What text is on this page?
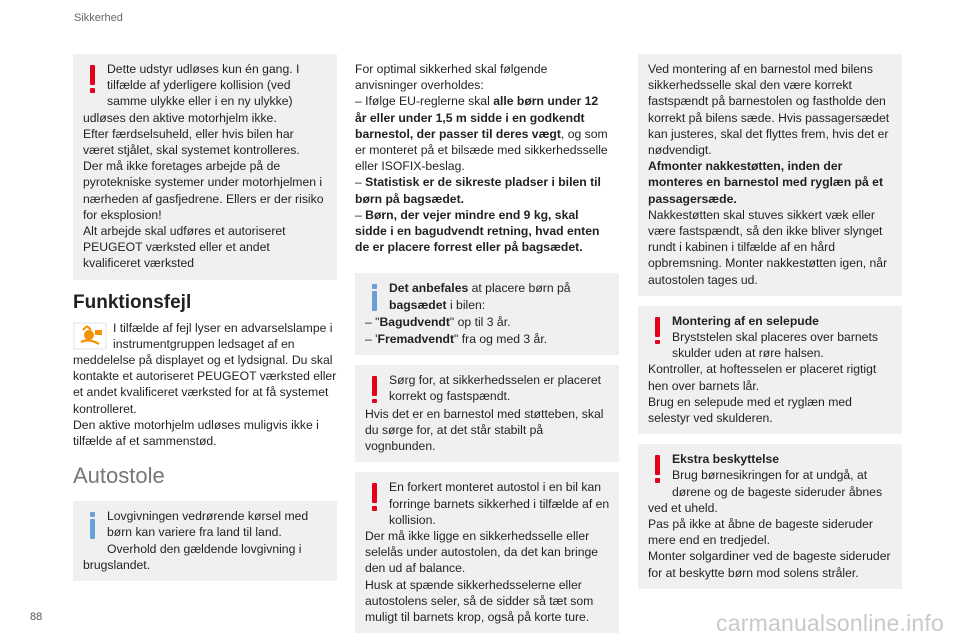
Sikkerhed

Dette udstyr udløses kun én gang. I tilfælde af yderligere kollision (ved samme ulykke eller i en ny ulykke) udløses den aktive motorhjelm ikke.

Efter færdselsuheld, eller hvis bilen har været stjålet, skal systemet kontrolleres.

Der må ikke foretages arbejde på de pyrotekniske systemer under motorhjelmen i nærheden af gasfjedrene. Ellers er der risiko for eksplosion!

Alt arbejde skal udføres et autoriseret PEUGEOT værksted eller et andet kvalificeret værksted

Funktionsfejl

I tilfælde af fejl lyser en advarselslampe i instrumentgruppen ledsaget af en meddelelse på displayet og et lydsignal. Du skal kontakte et autoriseret PEUGEOT værksted eller et andet kvalificeret værksted for at få systemet kontrolleret.

Den aktive motorhjelm udløses muligvis ikke i tilfælde af et sammenstød.

Autostole

Lovgivningen vedrørende kørsel med børn kan variere fra land til land. Overhold den gældende lovgivning i brugslandet.

For optimal sikkerhed skal følgende anvisninger overholdes:

– Ifølge EU-reglerne skal alle børn under 12 år eller under 1,5 m sidde i en godkendt barnestol, der passer til deres vægt, og som er monteret på et bilsæde med sikkerhedsselle eller ISOFIX-beslag.

– Statistisk er de sikreste pladser i bilen til børn på bagsædet.

– Børn, der vejer mindre end 9 kg, skal sidde i en bagudvendt retning, hvad enten de er placere forrest eller på bagsædet.

Det anbefales at placere børn på bagsædet i bilen:

– "Bagudvendt" op til 3 år.

– 'Fremadvendt" fra og med 3 år.

Sørg for, at sikkerhedsselen er placeret korrekt og fastspændt.

Hvis det er en barnestol med støtteben, skal du sørge for, at det står stabilt på vognbunden.

En forkert monteret autostol i en bil kan forringe barnets sikkerhed i tilfælde af en kollision.

Der må ikke ligge en sikkerhedsselle eller selelås under autostolen, da det kan bringe den ud af balance.

Husk at spænde sikkerhedsselerne eller autostolens seler, så de sidder så tæt som muligt til barnets krop, også på korte ture.

Ved montering af en barnestol med bilens sikkerhedsselle skal den være korrekt fastspændt på barnestolen og fastholde den korrekt på bilens sæde. Hvis passagersædet kan justeres, skal det flyttes frem, hvis det er nødvendigt.

Afmonter nakkestøtten, inden der monteres en barnestol med ryglæn på et passagersæde.

Nakkestøtten skal stuves sikkert væk eller være fastspændt, så den ikke bliver slynget rundt i kabinen i tilfælde af en hård opbremsning. Monter nakkestøtten igen, når autostolen tages ud.

Montering af en selepude
Bryststelen skal placeres over barnets skulder uden at røre halsen.

Kontroller, at hoftesselen er placeret rigtigt hen over barnets lår.

Brug en selepude med et ryglæn med selestyr ved skulderen.

Ekstra beskyttelse
Brug børnesikringen for at undgå, at dørene og de bageste sideruder åbnes ved et uheld.

Pas på ikke at åbne de bageste sideruder mere end en tredjedel.

Monter solgardiner ved de bageste sideruder for at beskytte børn mod solens stråler.

88	carmanualsonline.info
